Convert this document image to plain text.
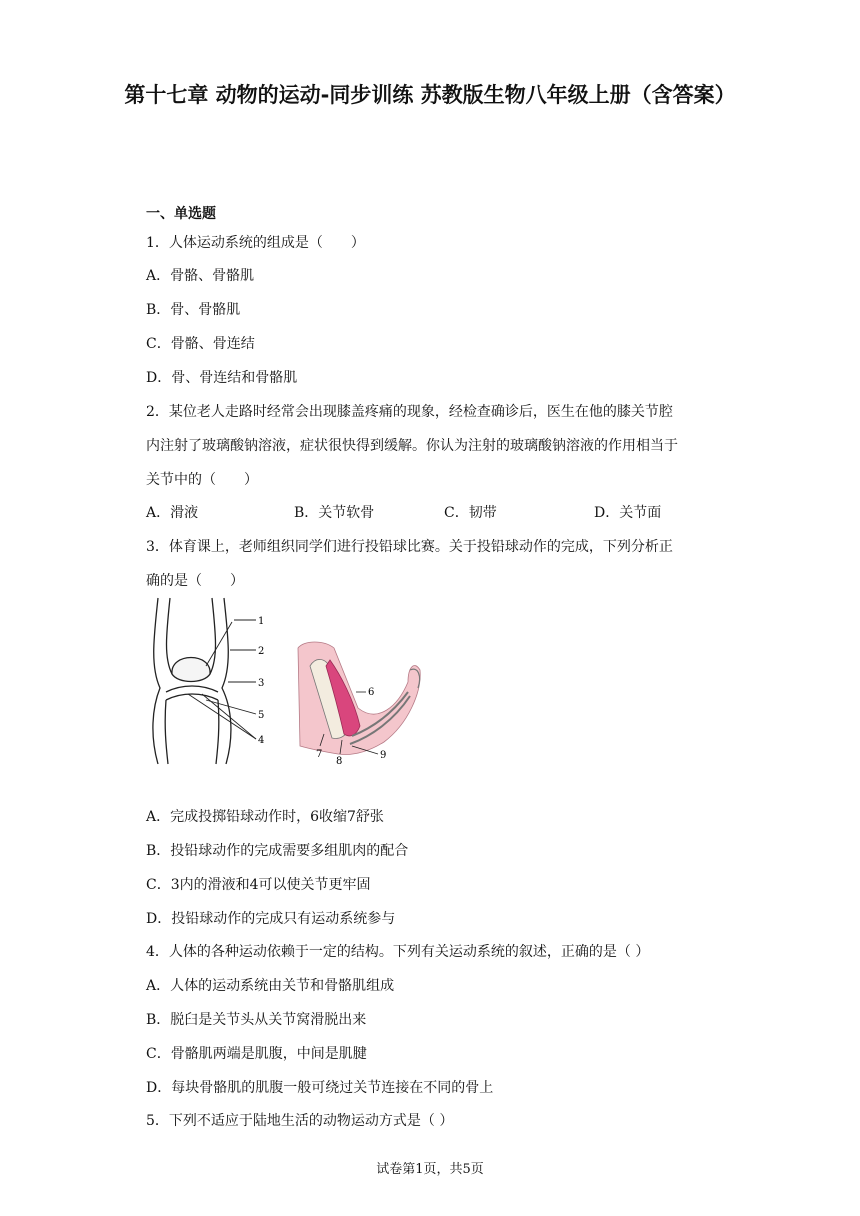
第十七章 动物的运动-同步训练 苏教版生物八年级上册（含答案）
一、单选题
1．人体运动系统的组成是（　　）
A．骨骼、骨骼肌
B．骨、骨骼肌
C．骨骼、骨连结
D．骨、骨连结和骨骼肌
2．某位老人走路时经常会出现膝盖疼痛的现象，经检查确诊后，医生在他的膝关节腔
内注射了玻璃酸钠溶液，症状很快得到缓解。你认为注射的玻璃酸钠溶液的作用相当于
关节中的（　　）
A．滑液	B．关节软骨	C．韧带	D．关节面
3．体育课上，老师组织同学们进行投铅球比赛。关于投铅球动作的完成，下列分析正
确的是（　　）
1
2
3
5
4
6
7
8
9
A．完成投掷铅球动作时，6收缩7舒张
B．投铅球动作的完成需要多组肌肉的配合
C．3内的滑液和4可以使关节更牢固
D．投铅球动作的完成只有运动系统参与
4．人体的各种运动依赖于一定的结构。下列有关运动系统的叙述，正确的是（ ）
A．人体的运动系统由关节和骨骼肌组成
B．脱臼是关节头从关节窝滑脱出来
C．骨骼肌两端是肌腹，中间是肌腱
D．每块骨骼肌的肌腹一般可绕过关节连接在不同的骨上
5．下列不适应于陆地生活的动物运动方式是（ ）
试卷第1页，共5页
